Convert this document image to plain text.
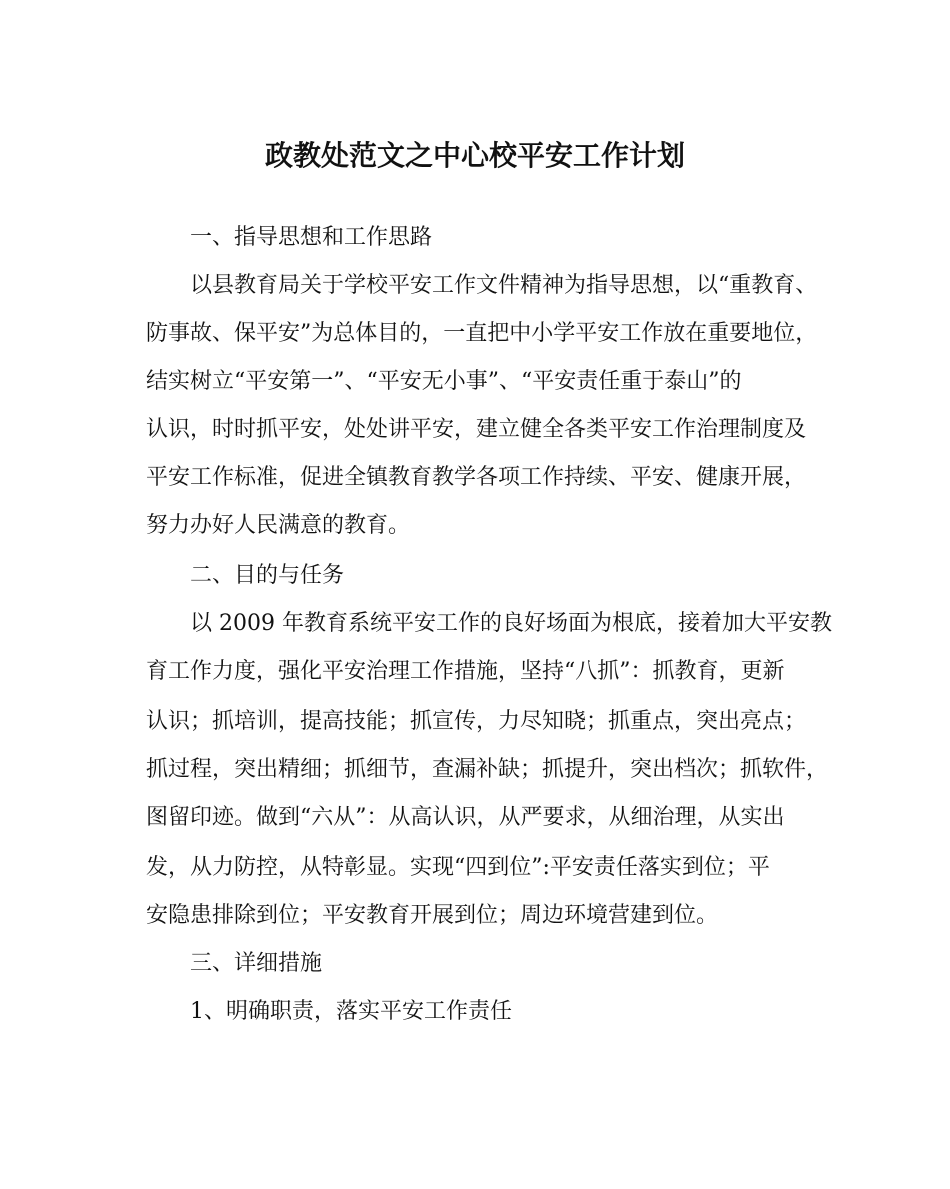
政教处范文之中心校平安工作计划
一、指导思想和工作思路
以县教育局关于学校平安工作文件精神为指导思想，以“重教育、
防事故、保平安”为总体目的，一直把中小学平安工作放在重要地位，
结实树立“平安第一”、“平安无小事”、“平安责任重于泰山”的
认识，时时抓平安，处处讲平安，建立健全各类平安工作治理制度及
平安工作标准，促进全镇教育教学各项工作持续、平安、健康开展，
努力办好人民满意的教育。
二、目的与任务
以 2009 年教育系统平安工作的良好场面为根底，接着加大平安教
育工作力度，强化平安治理工作措施，坚持“八抓”：抓教育，更新
认识；抓培训，提高技能；抓宣传，力尽知晓；抓重点，突出亮点；
抓过程，突出精细；抓细节，查漏补缺；抓提升，突出档次；抓软件，
图留印迹。做到“六从”：从高认识，从严要求，从细治理，从实出
发，从力防控，从特彰显。实现“四到位”:平安责任落实到位；平
安隐患排除到位；平安教育开展到位；周边环境营建到位。
三、详细措施
1、明确职责，落实平安工作责任
